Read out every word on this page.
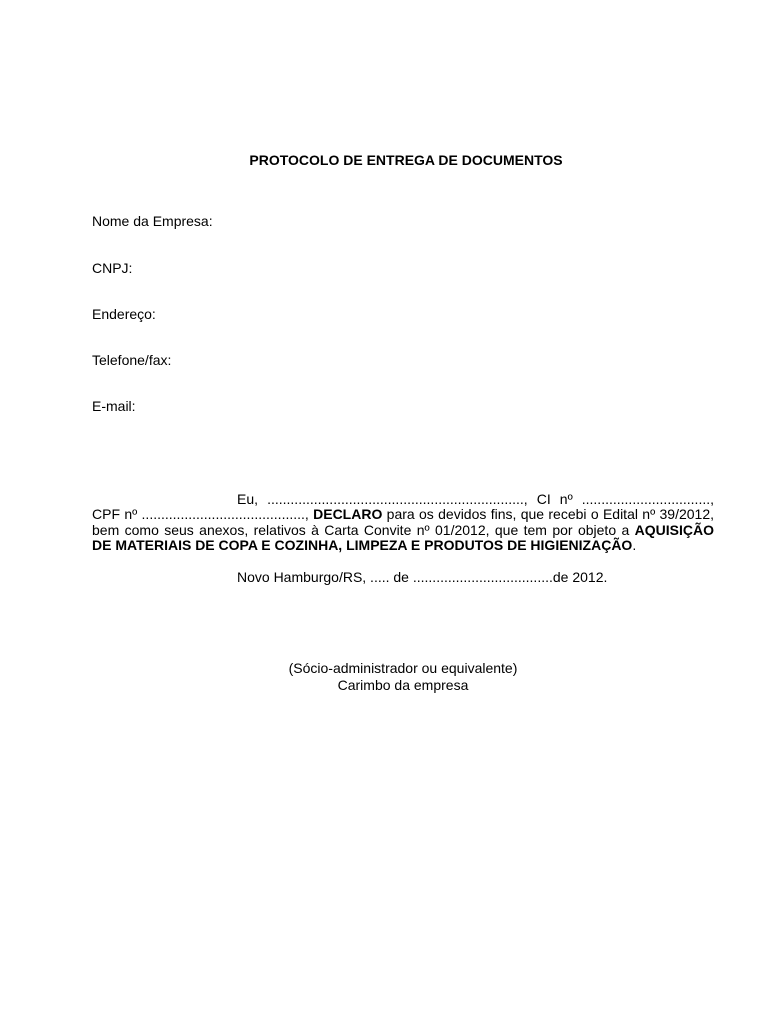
PROTOCOLO DE ENTREGA DE DOCUMENTOS
Nome da Empresa:
CNPJ:
Endereço:
Telefone/fax:
E-mail:
Eu, .................................................................., CI nº .................................,
CPF nº .........................................., DECLARO para os devidos fins, que recebi o Edital nº 39/2012,
bem como seus anexos, relativos à Carta Convite nº 01/2012, que tem por objeto a AQUISIÇÃO
DE MATERIAIS DE COPA E COZINHA, LIMPEZA E PRODUTOS DE HIGIENIZAÇÃO.
Novo Hamburgo/RS, ..... de ....................................de 2012.
(Sócio-administrador ou equivalente)
Carimbo da empresa
